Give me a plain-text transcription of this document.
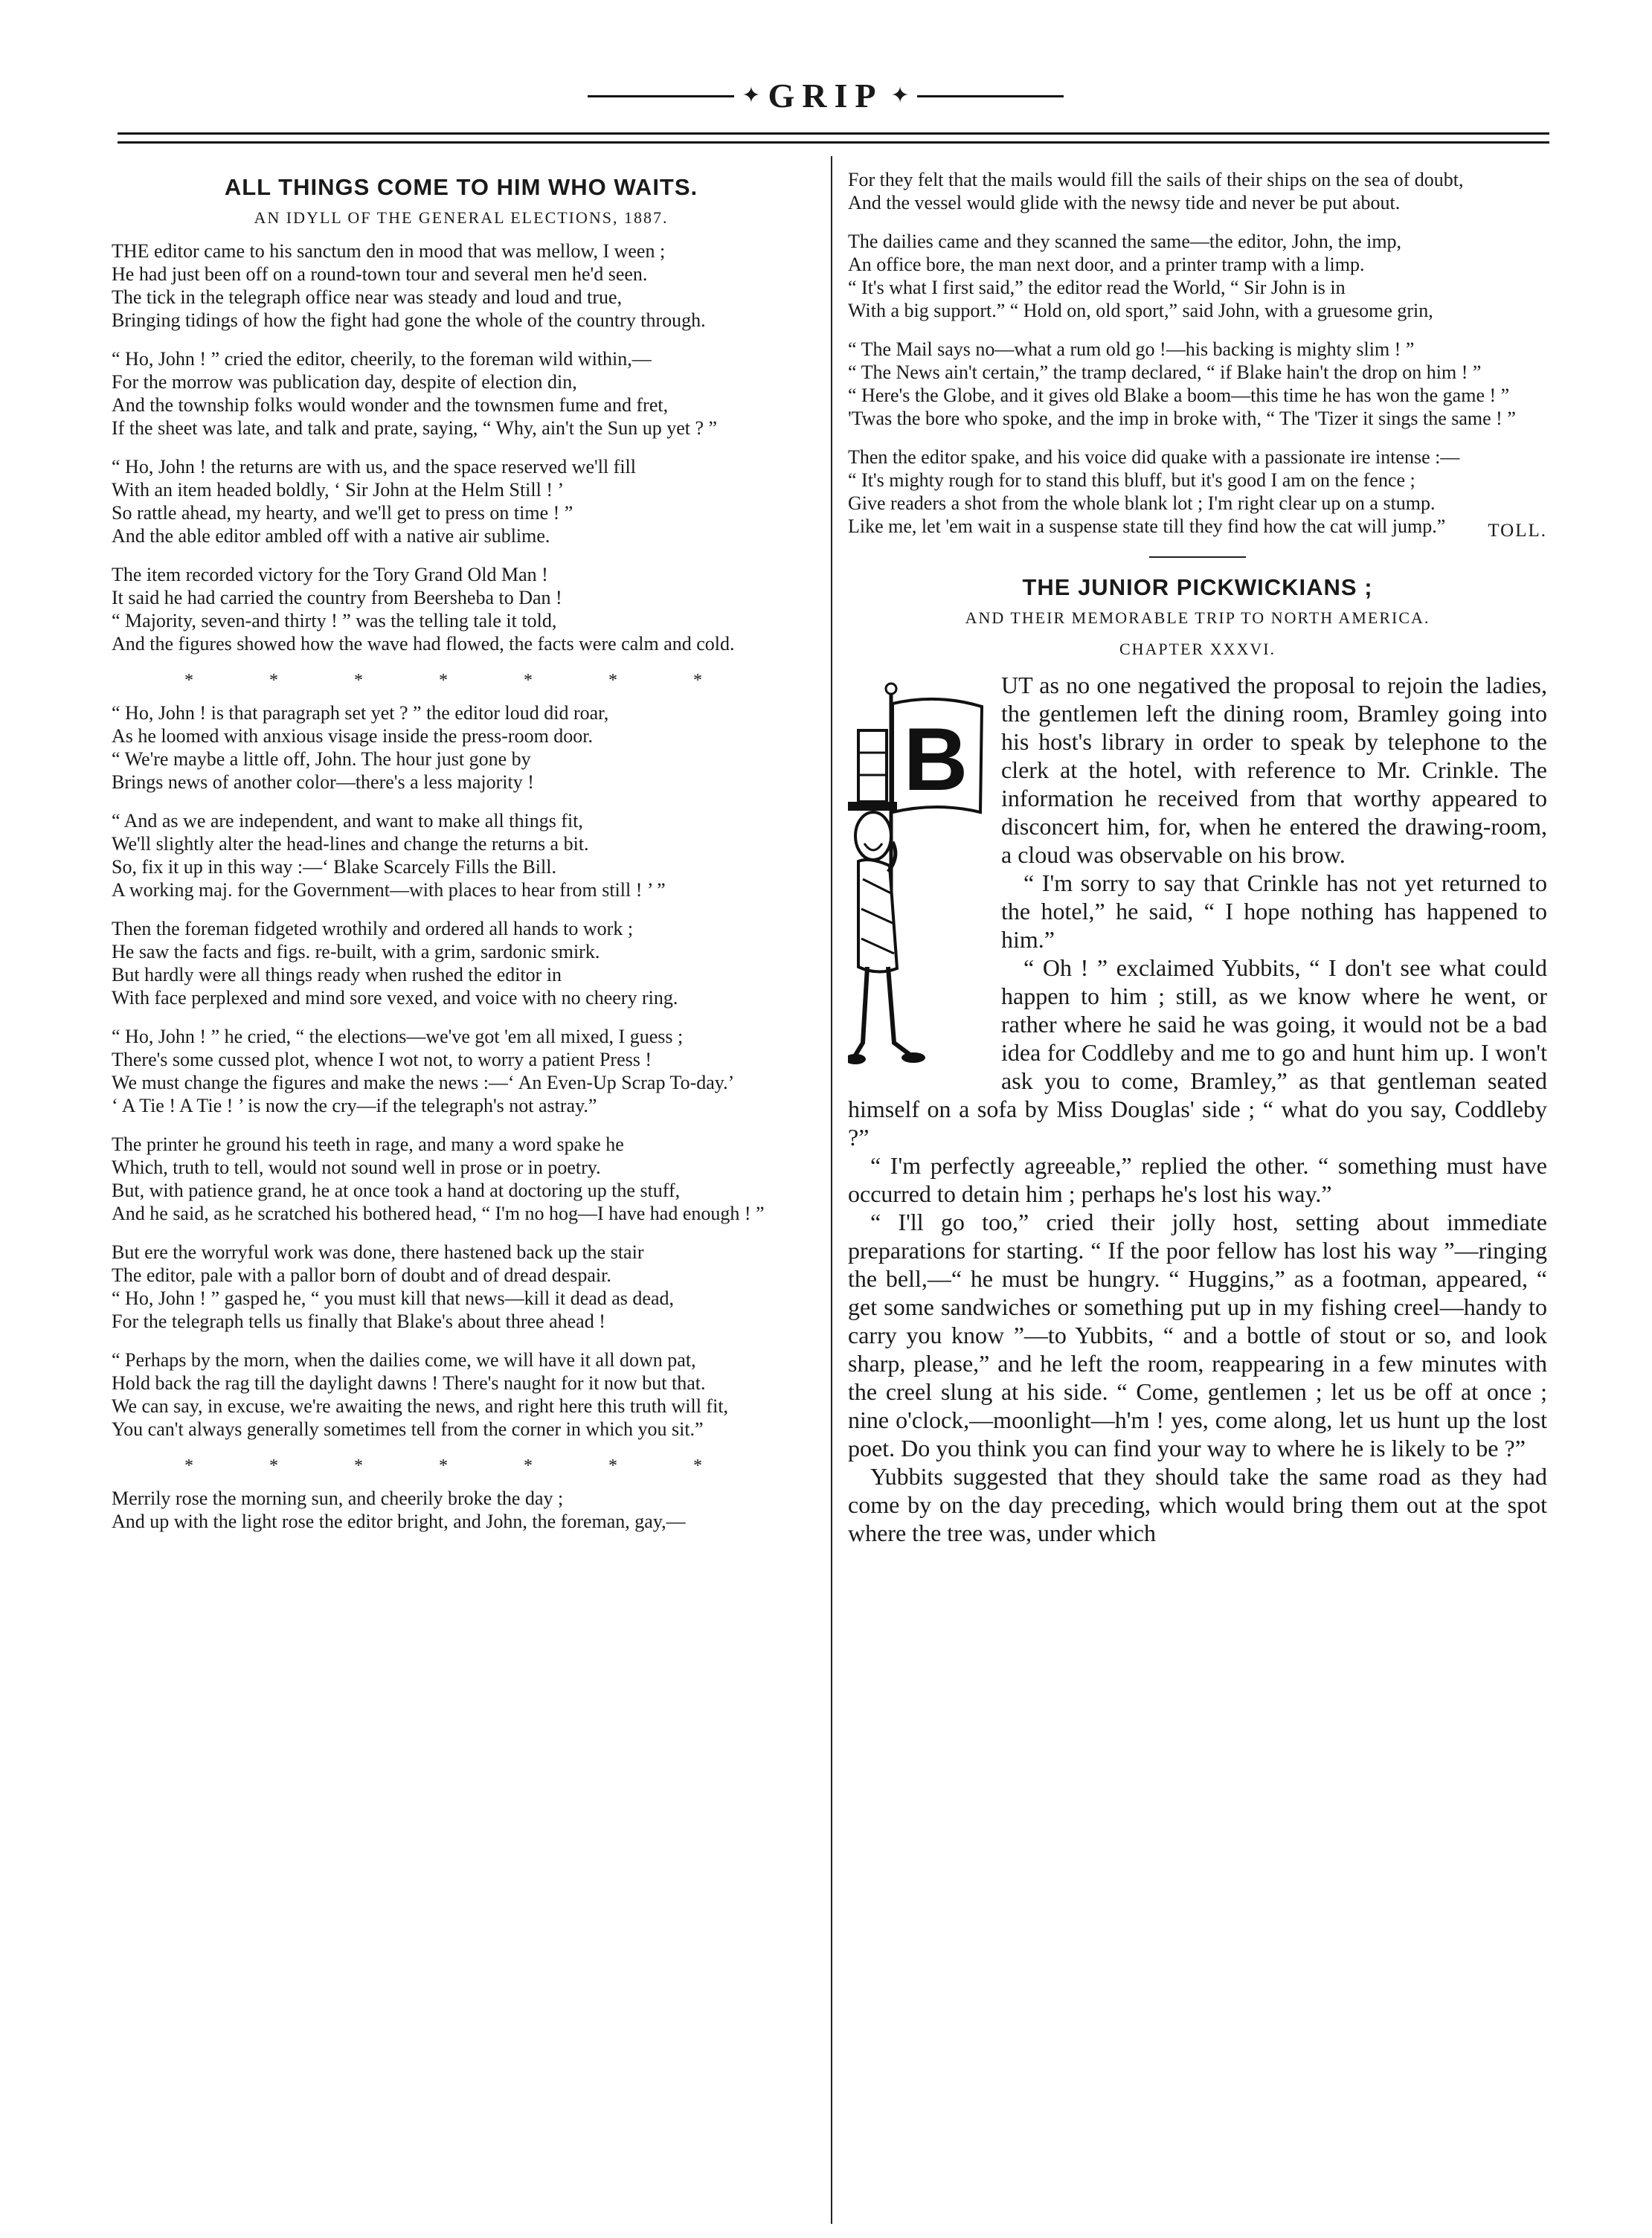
✦ GRIP ✦
ALL THINGS COME TO HIM WHO WAITS.
AN IDYLL OF THE GENERAL ELECTIONS, 1887.
THE editor came to his sanctum den in mood that was mellow, I ween ;
He had just been off on a round-town tour and several men he'd seen.
The tick in the telegraph office near was steady and loud and true,
Bringing tidings of how the fight had gone the whole of the country through.
“ Ho, John ! ” cried the editor, cheerily, to the foreman wild within,—
For the morrow was publication day, despite of election din,
And the township folks would wonder and the townsmen fume and fret,
If the sheet was late, and talk and prate, saying, “ Why, ain't the Sun up yet ? ”
“ Ho, John ! the returns are with us, and the space reserved we'll fill
With an item headed boldly, ‘ Sir John at the Helm Still ! ’
So rattle ahead, my hearty, and we'll get to press on time ! ”
And the able editor ambled off with a native air sublime.
The item recorded victory for the Tory Grand Old Man !
It said he had carried the country from Beersheba to Dan !
“ Majority, seven-and thirty ! ” was the telling tale it told,
And the figures showed how the wave had flowed, the facts were calm and cold.
* * * * * * *
“ Ho, John ! is that paragraph set yet ? ” the editor loud did roar,
As he loomed with anxious visage inside the press-room door.
“ We're maybe a little off, John. The hour just gone by
Brings news of another color—there's a less majority !
“ And as we are independent, and want to make all things fit,
We'll slightly alter the head-lines and change the returns a bit.
So, fix it up in this way :—‘ Blake Scarcely Fills the Bill.
A working maj. for the Government—with places to hear from still ! ’ ”
Then the foreman fidgeted wrothily and ordered all hands to work ;
He saw the facts and figs. re-built, with a grim, sardonic smirk.
But hardly were all things ready when rushed the editor in
With face perplexed and mind sore vexed, and voice with no cheery ring.
“ Ho, John ! ” he cried, “ the elections—we've got 'em all mixed, I guess ;
There's some cussed plot, whence I wot not, to worry a patient Press !
We must change the figures and make the news :—‘ An Even-Up Scrap To-day.’
‘ A Tie ! A Tie ! ’ is now the cry—if the telegraph's not astray.”
The printer he ground his teeth in rage, and many a word spake he
Which, truth to tell, would not sound well in prose or in poetry.
But, with patience grand, he at once took a hand at doctoring up the stuff,
And he said, as he scratched his bothered head, “ I'm no hog—I have had enough ! ”
But ere the worryful work was done, there hastened back up the stair
The editor, pale with a pallor born of doubt and of dread despair.
“ Ho, John ! ” gasped he, “ you must kill that news—kill it dead as dead,
For the telegraph tells us finally that Blake's about three ahead !
“ Perhaps by the morn, when the dailies come, we will have it all down pat,
Hold back the rag till the daylight dawns ! There's naught for it now but that.
We can say, in excuse, we're awaiting the news, and right here this truth will fit,
You can't always generally sometimes tell from the corner in which you sit.”
* * * * * * *
Merrily rose the morning sun, and cheerily broke the day ;
And up with the light rose the editor bright, and John, the foreman, gay,—
For they felt that the mails would fill the sails of their ships on the sea of doubt,
And the vessel would glide with the newsy tide and never be put about.
The dailies came and they scanned the same—the editor, John, the imp,
An office bore, the man next door, and a printer tramp with a limp.
“ It's what I first said,” the editor read the World, “ Sir John is in
With a big support.” “ Hold on, old sport,” said John, with a gruesome grin,
“ The Mail says no—what a rum old go !—his backing is mighty slim ! ”
“ The News ain't certain,” the tramp declared, “ if Blake hain't the drop on him ! ”
“ Here's the Globe, and it gives old Blake a boom—this time he has won the game ! ”
'Twas the bore who spoke, and the imp in broke with, “ The 'Tizer it sings the same ! ”
Then the editor spake, and his voice did quake with a passionate ire intense :—
“ It's mighty rough for to stand this bluff, but it's good I am on the fence ;
Give readers a shot from the whole blank lot ; I'm right clear up on a stump.
Like me, let 'em wait in a suspense state till they find how the cat will jump.”	TOLL.
THE JUNIOR PICKWICKIANS ;
AND THEIR MEMORABLE TRIP TO NORTH AMERICA.
CHAPTER XXXVI.
B

UT as no one negatived the proposal to rejoin the ladies, the gentlemen left the dining room, Bramley going into his host's library in order to speak by telephone to the clerk at the hotel, with reference to Mr. Crinkle. The information he received from that worthy appeared to disconcert him, for, when he entered the drawing-room, a cloud was observable on his brow.

“ I'm sorry to say that Crinkle has not yet returned to the hotel,” he said, “ I hope nothing has happened to him.”

“ Oh ! ” exclaimed Yubbits, “ I don't see what could happen to him ; still, as we know where he went, or rather where he said he was going, it would not be a bad idea for Coddleby and me to go and hunt him up. I won't ask you to come, Bramley,” as that gentleman seated himself on a sofa by Miss Douglas' side ; “ what do you say, Coddleby ?”

“ I'm perfectly agreeable,” replied the other. “ something must have occurred to detain him ; perhaps he's lost his way.”

“ I'll go too,” cried their jolly host, setting about immediate preparations for starting. “ If the poor fellow has lost his way ”—ringing the bell,—“ he must be hungry. “ Huggins,” as a footman, appeared, “ get some sandwiches or something put up in my fishing creel—handy to carry you know ”—to Yubbits, “ and a bottle of stout or so, and look sharp, please,” and he left the room, reappearing in a few minutes with the creel slung at his side. “ Come, gentlemen ; let us be off at once ; nine o'clock,—moonlight—h'm ! yes, come along, let us hunt up the lost poet. Do you think you can find your way to where he is likely to be ?”

Yubbits suggested that they should take the same road as they had come by on the day preceding, which would bring them out at the spot where the tree was, under which
